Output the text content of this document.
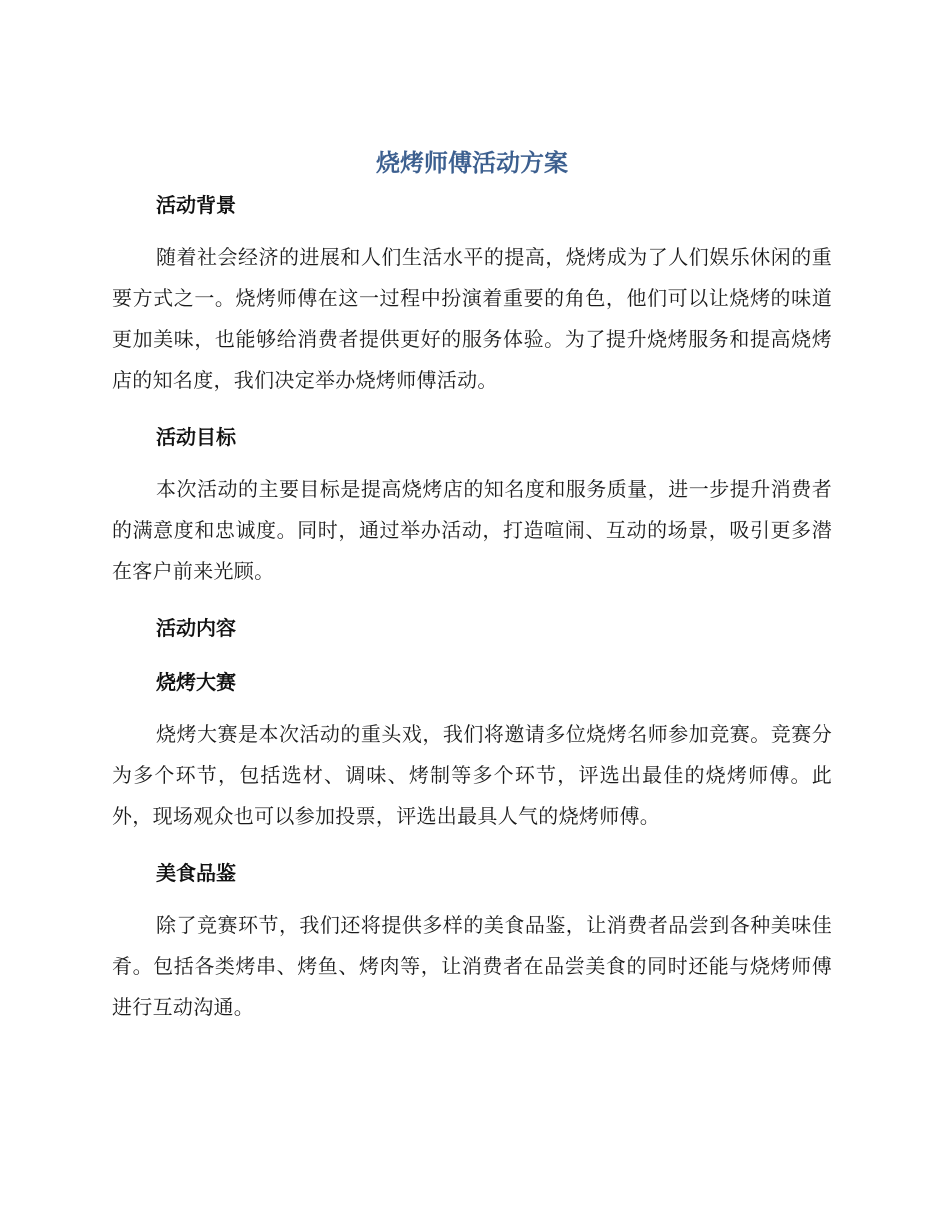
烧烤师傅活动方案
活动背景

随着社会经济的进展和人们生活水平的提高，烧烤成为了人们娱乐休闲的重要方式之一。烧烤师傅在这一过程中扮演着重要的角色，他们可以让烧烤的味道更加美味，也能够给消费者提供更好的服务体验。为了提升烧烤服务和提高烧烤店的知名度，我们决定举办烧烤师傅活动。

活动目标

本次活动的主要目标是提高烧烤店的知名度和服务质量，进一步提升消费者的满意度和忠诚度。同时，通过举办活动，打造喧闹、互动的场景，吸引更多潜在客户前来光顾。

活动内容
烧烤大赛

烧烤大赛是本次活动的重头戏，我们将邀请多位烧烤名师参加竞赛。竞赛分为多个环节，包括选材、调味、烤制等多个环节，评选出最佳的烧烤师傅。此外，现场观众也可以参加投票，评选出最具人气的烧烤师傅。

美食品鉴

除了竞赛环节，我们还将提供多样的美食品鉴，让消费者品尝到各种美味佳肴。包括各类烤串、烤鱼、烤肉等，让消费者在品尝美食的同时还能与烧烤师傅进行互动沟通。
